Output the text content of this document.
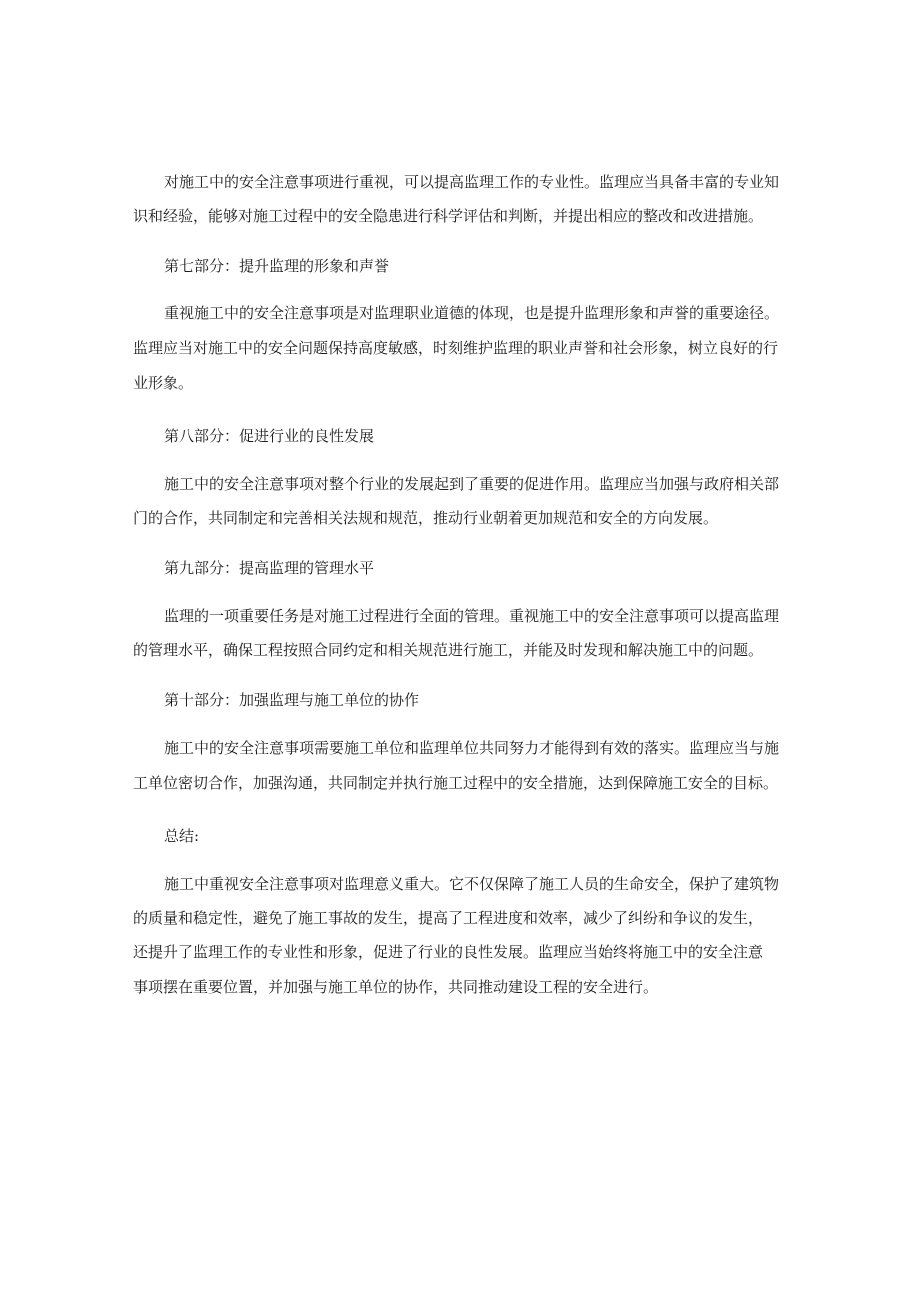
对施工中的安全注意事项进行重视，可以提高监理工作的专业性。监理应当具备丰富的专业知

识和经验，能够对施工过程中的安全隐患进行科学评估和判断，并提出相应的整改和改进措施。

第七部分：提升监理的形象和声誉

重视施工中的安全注意事项是对监理职业道德的体现，也是提升监理形象和声誉的重要途径。

监理应当对施工中的安全问题保持高度敏感，时刻维护监理的职业声誉和社会形象，树立良好的行

业形象。

第八部分：促进行业的良性发展

施工中的安全注意事项对整个行业的发展起到了重要的促进作用。监理应当加强与政府相关部

门的合作，共同制定和完善相关法规和规范，推动行业朝着更加规范和安全的方向发展。

第九部分：提高监理的管理水平

监理的一项重要任务是对施工过程进行全面的管理。重视施工中的安全注意事项可以提高监理

的管理水平，确保工程按照合同约定和相关规范进行施工，并能及时发现和解决施工中的问题。

第十部分：加强监理与施工单位的协作

施工中的安全注意事项需要施工单位和监理单位共同努力才能得到有效的落实。监理应当与施

工单位密切合作，加强沟通，共同制定并执行施工过程中的安全措施，达到保障施工安全的目标。

总结:

施工中重视安全注意事项对监理意义重大。它不仅保障了施工人员的生命安全，保护了建筑物

的质量和稳定性，避免了施工事故的发生，提高了工程进度和效率，减少了纠纷和争议的发生，

还提升了监理工作的专业性和形象，促进了行业的良性发展。监理应当始终将施工中的安全注意

事项摆在重要位置，并加强与施工单位的协作，共同推动建设工程的安全进行。
